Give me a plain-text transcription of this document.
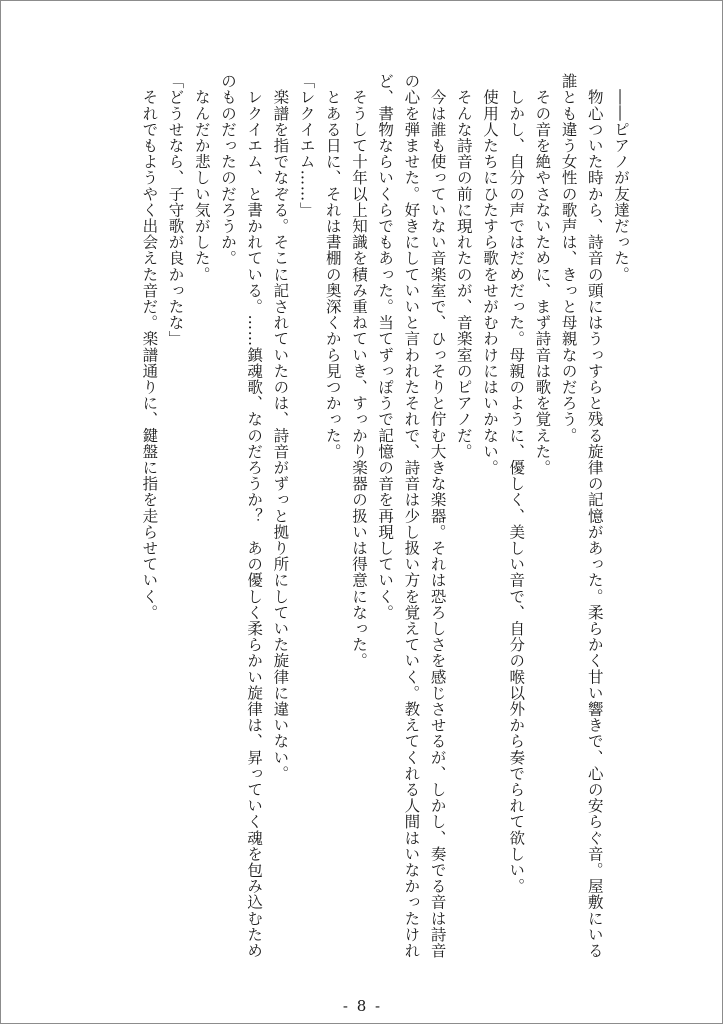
　――ピアノが友達だった。

　物心ついた時から、詩音の頭にはうっすらと残る旋律の記憶があった。柔らかく甘い響きで、心の安らぐ音。屋敷にいる誰とも違う女性の歌声は、きっと母親なのだろう。

　その音を絶やさないために、まず詩音は歌を覚えた。

　しかし、自分の声ではだめだった。母親のように、優しく、美しい音で、自分の喉以外から奏でられて欲しい。

　使用人たちにひたすら歌をせがむわけにはいかない。

　そんな詩音の前に現れたのが、音楽室のピアノだ。

　今は誰も使っていない音楽室で、ひっそりと佇む大きな楽器。それは恐ろしさを感じさせるが、しかし、奏でる音は詩音の心を弾ませた。好きにしていいと言われたそれで、詩音は少し扱い方を覚えていく。教えてくれる人間はいなかったけれど、書物ならいくらでもあった。当てずっぽうで記憶の音を再現していく。

　そうして十年以上知識を積み重ねていき、すっかり楽器の扱いは得意になった。

　とある日に、それは書棚の奥深くから見つかった。

「レクイエム……」

　楽譜を指でなぞる。そこに記されていたのは、詩音がずっと拠り所にしていた旋律に違いない。

　レクイエム、と書かれている。……鎮魂歌、なのだろうか？　あの優しく柔らかい旋律は、昇っていく魂を包み込むためのものだったのだろうか。

　なんだか悲しい気がした。

「どうせなら、子守歌が良かったな」

　それでもようやく出会えた音だ。楽譜通りに、鍵盤に指を走らせていく。

- 8 -
